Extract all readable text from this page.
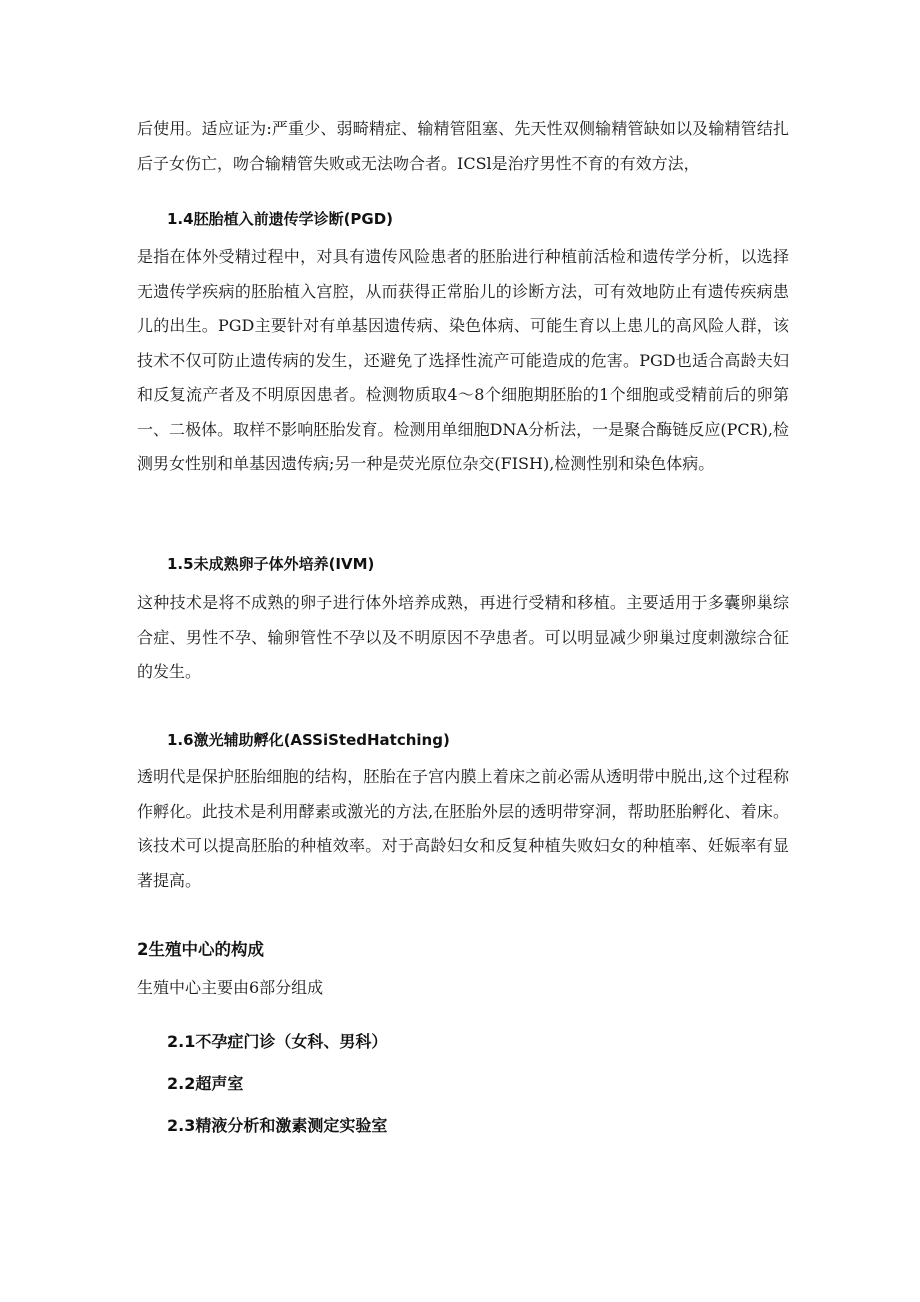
后使用。适应证为:严重少、弱畸精症、输精管阻塞、先天性双侧输精管缺如以及输精管结扎后子女伤亡，吻合输精管失败或无法吻合者。ICSl是治疗男性不育的有效方法，

1.4胚胎植入前遗传学诊断(PGD)

是指在体外受精过程中，对具有遗传风险患者的胚胎进行种植前活检和遗传学分析，以选择无遗传学疾病的胚胎植入宫腔，从而获得正常胎儿的诊断方法，可有效地防止有遗传疾病患儿的出生。PGD主要针对有单基因遗传病、染色体病、可能生育以上患儿的高风险人群，该技术不仅可防止遗传病的发生，还避免了选择性流产可能造成的危害。PGD也适合高龄夫妇和反复流产者及不明原因患者。检测物质取4～8个细胞期胚胎的1个细胞或受精前后的卵第一、二极体。取样不影响胚胎发育。检测用单细胞DNA分析法，一是聚合酶链反应(PCR),检测男女性别和单基因遗传病;另一种是荧光原位杂交(FISH),检测性别和染色体病。

1.5未成熟卵子体外培养(IVM)

这种技术是将不成熟的卵子进行体外培养成熟，再进行受精和移植。主要适用于多囊卵巢综合症、男性不孕、输卵管性不孕以及不明原因不孕患者。可以明显减少卵巢过度刺激综合征的发生。

1.6激光辅助孵化(ASSiStedHatching)

透明代是保护胚胎细胞的结构，胚胎在子宫内膜上着床之前必需从透明带中脱出,这个过程称作孵化。此技术是利用酵素或激光的方法,在胚胎外层的透明带穿洞，帮助胚胎孵化、着床。该技术可以提高胚胎的种植效率。对于高龄妇女和反复种植失败妇女的种植率、妊娠率有显著提高。

2生殖中心的构成

生殖中心主要由6部分组成

2.1不孕症门诊（女科、男科）
2.2超声室
2.3精液分析和激素测定实验室
